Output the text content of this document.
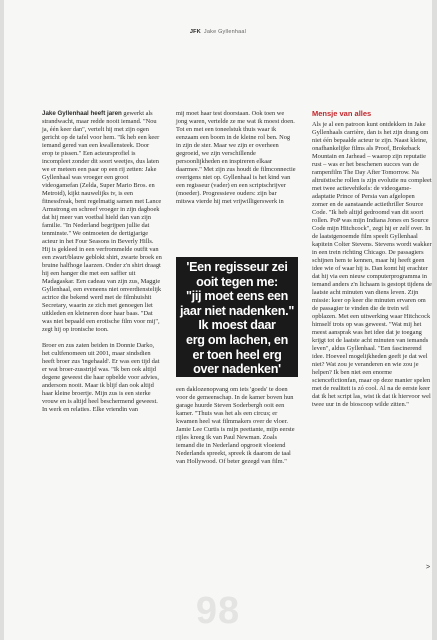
JFK Jake Gyllenhaal

Jake Gyllenhaal heeft jaren gewerkt als strandwacht, maar redde nooit iemand. "Nou ja, één keer dan", vertelt hij met zijn ogen gericht op de tafel voor hem. "Ik heb een keer iemand gered van een kwallensteek. Door erop te pissen." Een acteursprofiel is incompleet zonder dit soort weetjes, dus laten we er meteen een paar op een rij zetten: Jake Gyllenhaal was vroeger een groot videogamefan (Zelda, Super Mario Bros. en Metroid), kijkt nauwelijks tv, is een fitnessfreak, bent regelmatig samen met Lance Armstrong en schreef vroeger in zijn dagboek dat hij meer van voetbal hield dan van zijn familie. "In Nederland begrijpen jullie dat tenminste." We ontmoeten de dertigjarige acteur in het Four Seasons in Beverly Hills. Hij is gekleed in een verfrommelde outfit van een zwart/blauw geblokt shirt, zwarte broek en bruine halfhoge laarzen. Onder z'n shirt draagt hij een hanger die met een saffier uit Madagaskar. Een cadeau van zijn zus, Maggie Gyllenhaal, een eveneens niet onverdienstelijk actrice die bekend werd met de filmhuishit Secretary, waarin ze zich met genoegen liet uitkleden en kleineren door haar baas. "Dat was niet bepaald een erotische film voor mij", zegt hij op ironische toon.

Broer en zus zaten beiden in Donnie Darko, het cultfenomeen uit 2001, maar sindsdien heeft broer zus 'ingehaald'. Er was een tijd dat er wat broer-zusstrijd was. "Ik ben ook altijd degene geweest die haar opbelde voor advies, andersom nooit. Maar ik blijf dan ook altijd haar kleine broertje. Mijn zus is een sterke vrouw en is altijd heel beschermend geweest. In werk en relaties. Elke vriendin van

mij moet haar test doorstaan. Ook toen we jong waren, vertelde ze me wat ik moest doen. Tot en met een toneelstuk thuis waar ik eenzaam een boom in de kleine rol ben. Nog in zijn de ster. Maar we zijn er overheen gegroeid, we zijn verschillende persoonlijkheden en inspireren elkaar daarmee." Met zijn zus houdt de filmconnectie overigens niet op. Gyllenhaal is het kind van een regisseur (vader) en een scriptschrijver (moeder). Progressieve ouders: zijn bar mitswa vierde hij met vrijwilligerswerk in

'Een regisseur zei
ooit tegen me:
"jij moet eens een
jaar niet nadenken."
Ik moest daar
erg om lachen, en
er toen heel erg
over nadenken'

een daklozenopvang om iets 'goeds' te doen voor de gemeenschap. In de kamer boven hun garage huurde Steven Soderbergh ooit een kamer. "Thuis was het als een circus; er kwamen heel wat filmmakers over de vloer. Jamie Lee Curtis is mijn peettante, mijn eerste rijles kreeg ik van Paul Newman. Zoals iemand die in Nederland opgroeit vloeiend Nederlands spreekt, spreek ik daarom de taal van Hollywood. Of beter gezegd van film."

Mensje van alles

Als je al een patroon kunt ontdekken in Jake Gyllenhaals carrière, dan is het zijn drang om niet één bepaalde acteur te zijn. Naast kleine, onafhankelijke films als Proof, Brokeback Mountain en Jarhead – waarop zijn reputatie rust – was er het beschenen succes van de rampenfilm The Day After Tomorrow. Na altruïstische rollen is zijn evolutie nu compleet met twee actievehikels: de videogame-adaptatie Prince of Persia van afgelopen zomer en de aanstaande actiethriller Source Code. "Ik heb altijd gedroomd van dit soort rollen. PoP was mijn Indiana Jones en Source Code mijn Hitchcock", zegt hij er zelf over. In de laatstgenoemde film speelt Gyllenhaal kapitein Colter Stevens. Stevens wordt wakker in een trein richting Chicago. De passagiers schijnen hem te kennen, maar hij heeft geen idee wie of waar hij is. Dan komt hij erachter dat hij via een nieuw computerprogramma in iemand anders z'n lichaam is gestopt tijdens de laatste acht minuten van diens leven. Zijn missie: keer op keer die minuten ervaren om de passagier te vinden die de trein wil opblazen. Met een uitwerking waar Hitchcock himself trots op was geweest. "Wat mij het meest aansprak was het idee dat je toegang krijgt tot de laatste acht minuten van iemands leven", aldus Gyllenhaal. "Een fascinerend idee. Hoeveel mogelijkheden geeft je dat wel niet? Wat zou je veranderen en wie zou je helpen? Ik ben niet een enorme sciencefictionfan, maar op deze manier spelen met de realiteit is zó cool. Al na de eerste keer dat ik het script las, wist ik dat ik hiervoor wel twee uur in de bioscoop wilde zitten."

>
98
